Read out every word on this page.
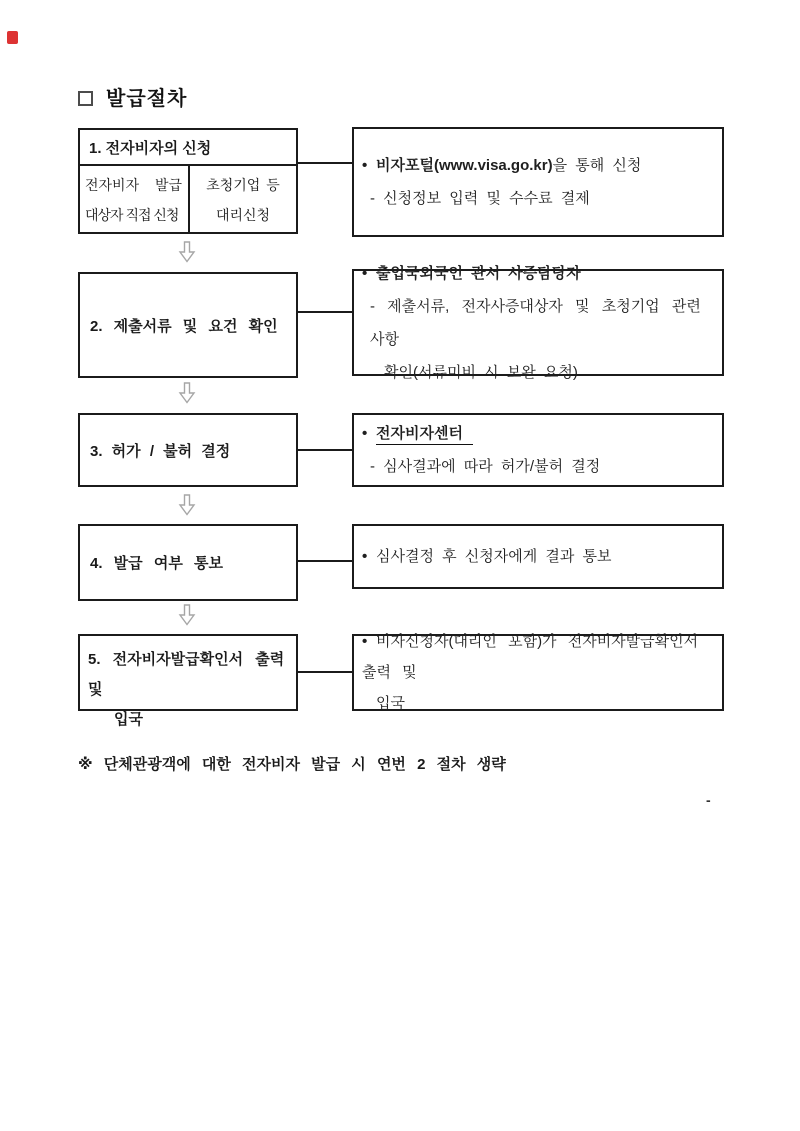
발급절차
1. 전자비자의 신청
전자비자 발급
대상자 직접 신청
초청기업 등
대리신청
• 비자포털(www.visa.go.kr)을 통해 신청
- 신청정보 입력 및 수수료 결제
2. 제출서류 및 요건 확인
• 출입국외국인 관서 사증담당자
- 제출서류, 전자사증대상자 및 초청기업 관련 사항
확인(서류미비 시 보완 요청)
3. 허가 / 불허 결정
• 전자비자센터
- 심사결과에 따라 허가/불허 결정
4. 발급 여부 통보	• 심사결정 후 신청자에게 결과 통보
5. 전자비자발급확인서 출력 및
입국
• 비자신청자(대리인 포함)가 전자비자발급확인서 출력 및
입국
※ 단체관광객에 대한 전자비자 발급 시 연번 2 절차 생략
-
